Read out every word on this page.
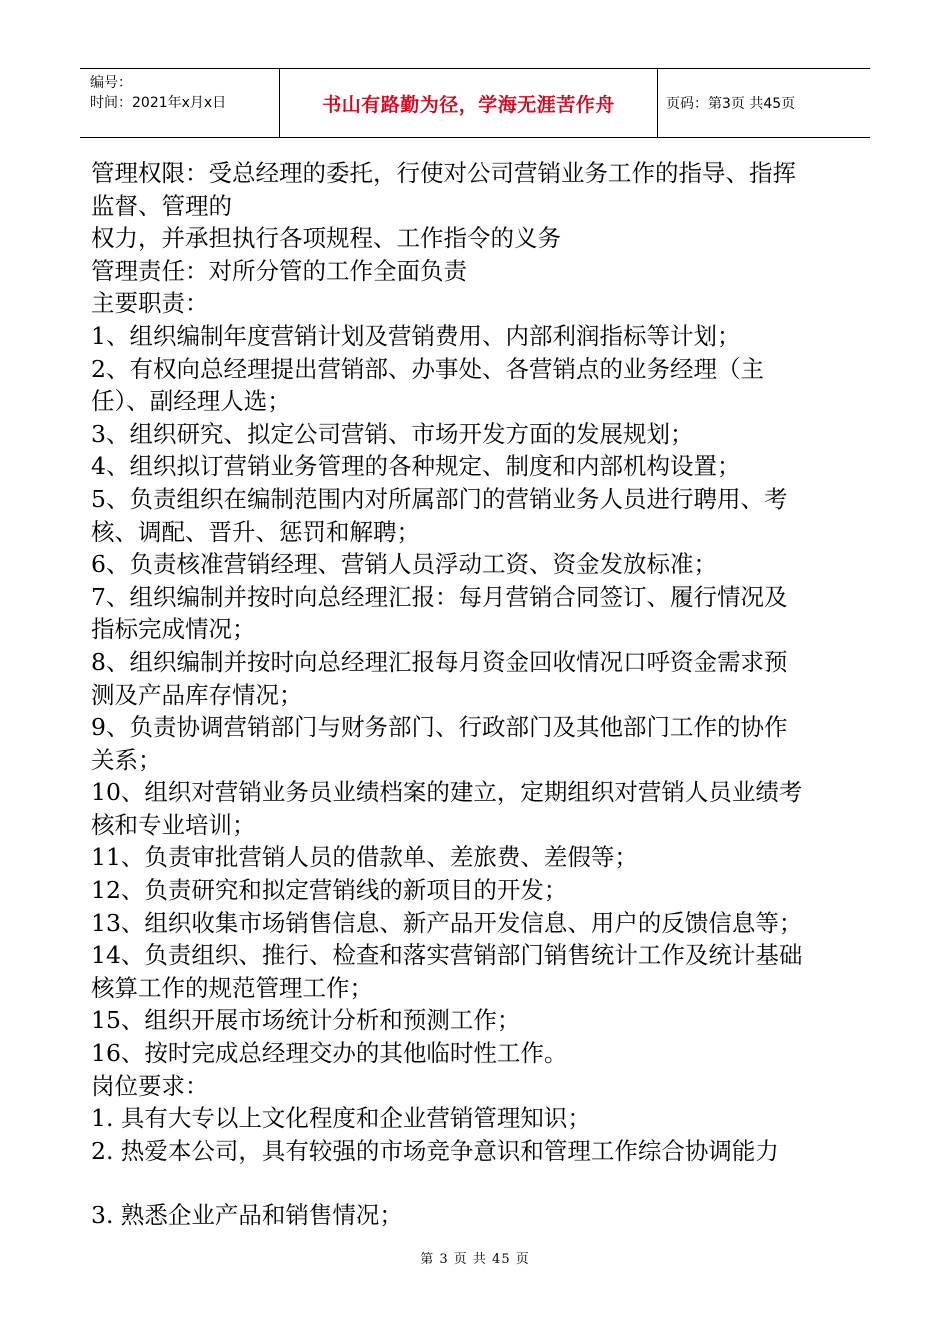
编号：
时间：2021年x月x日	书山有路勤为径，学海无涯苦作舟	页码：第3页 共45页

管理权限：受总经理的委托，行使对公司营销业务工作的指导、指挥

监督、管理的

权力，并承担执行各项规程、工作指令的义务

管理责任：对所分管的工作全面负责

主要职责：

1、组织编制年度营销计划及营销费用、内部利润指标等计划；

2、有权向总经理提出营销部、办事处、各营销点的业务经理（主

任）、副经理人选；

3、组织研究、拟定公司营销、市场开发方面的发展规划；

4、组织拟订营销业务管理的各种规定、制度和内部机构设置；

5、负责组织在编制范围内对所属部门的营销业务人员进行聘用、考

核、调配、晋升、惩罚和解聘；

6、负责核准营销经理、营销人员浮动工资、资金发放标准；

7、组织编制并按时向总经理汇报：每月营销合同签订、履行情况及

指标完成情况；

8、组织编制并按时向总经理汇报每月资金回收情况口呼资金需求预

测及产品库存情况；

9、负责协调营销部门与财务部门、行政部门及其他部门工作的协作

关系；

10、组织对营销业务员业绩档案的建立，定期组织对营销人员业绩考

核和专业培训；

11、负责审批营销人员的借款单、差旅费、差假等；

12、负责研究和拟定营销线的新项目的开发；

13、组织收集市场销售信息、新产品开发信息、用户的反馈信息等；

14、负责组织、推行、检查和落实营销部门销售统计工作及统计基础

核算工作的规范管理工作；

15、组织开展市场统计分析和预测工作；

16、按时完成总经理交办的其他临时性工作。

岗位要求：

1. 具有大专以上文化程度和企业营销管理知识；

2. 热爱本公司，具有较强的市场竞争意识和管理工作综合协调能力

3. 熟悉企业产品和销售情况；

第 3 页 共 45 页
